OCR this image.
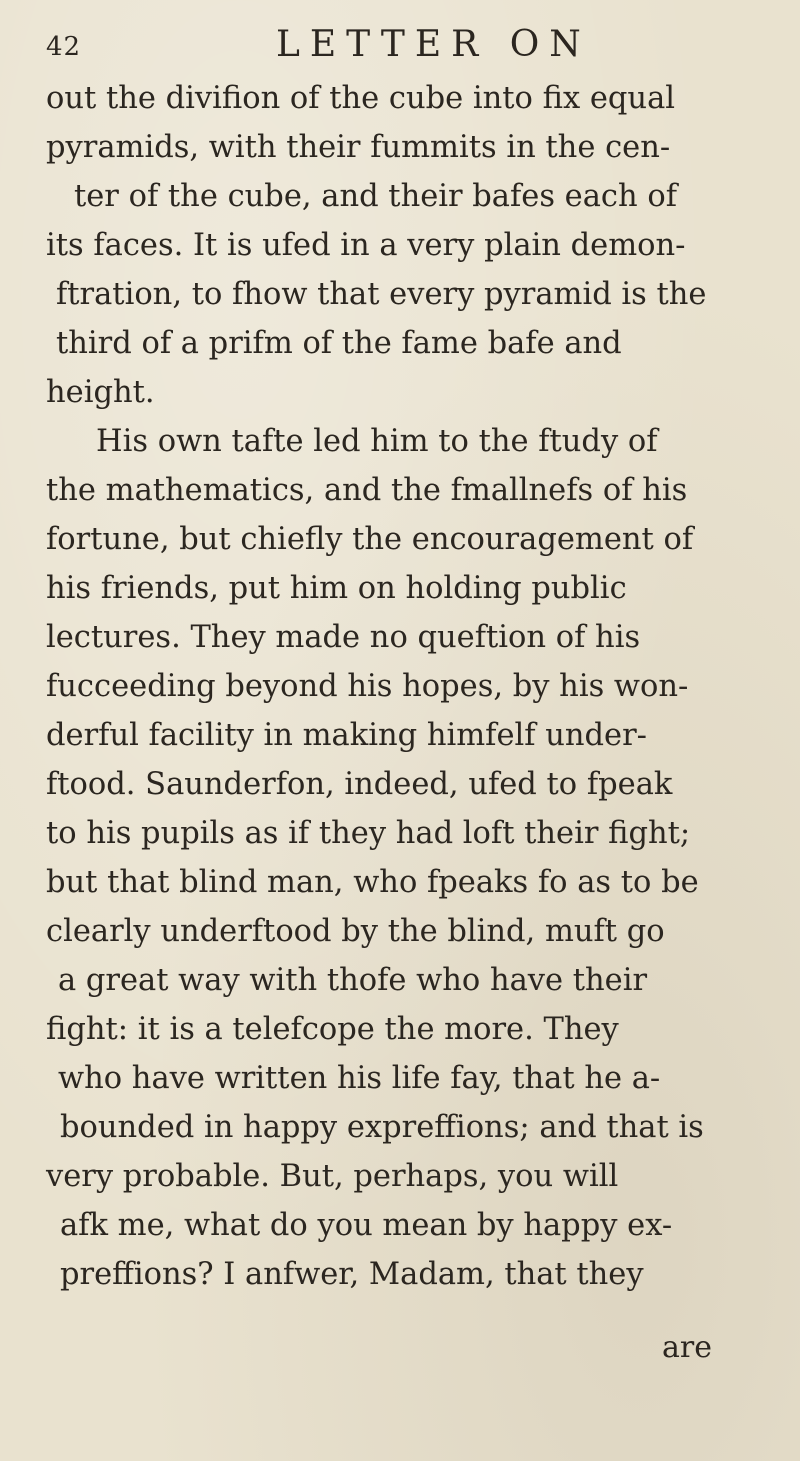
42	LETTER ON
out the divifion of the cube into fix equal
pyramids, with their fummits in the cen-
ter of the cube, and their bafes each of
its faces. It is ufed in a very plain demon-
ftration, to fhow that every pyramid is the
third of a prifm of the fame bafe and
height.
His own tafte led him to the ftudy of
the mathematics, and the fmallnefs of his
fortune, but chiefly the encouragement of
his friends, put him on holding public
lectures. They made no queftion of his
fucceeding beyond his hopes, by his won-
derful facility in making himfelf under-
ftood. Saunderfon, indeed, ufed to fpeak
to his pupils as if they had loft their fight;
but that blind man, who fpeaks fo as to be
clearly underftood by the blind, muft go
a great way with thofe who have their
fight: it is a telefcope the more. They
who have written his life fay, that he a-
bounded in happy expreffions; and that is
very probable. But, perhaps, you will
afk me, what do you mean by happy ex-
preffions? I anfwer, Madam, that they
are
